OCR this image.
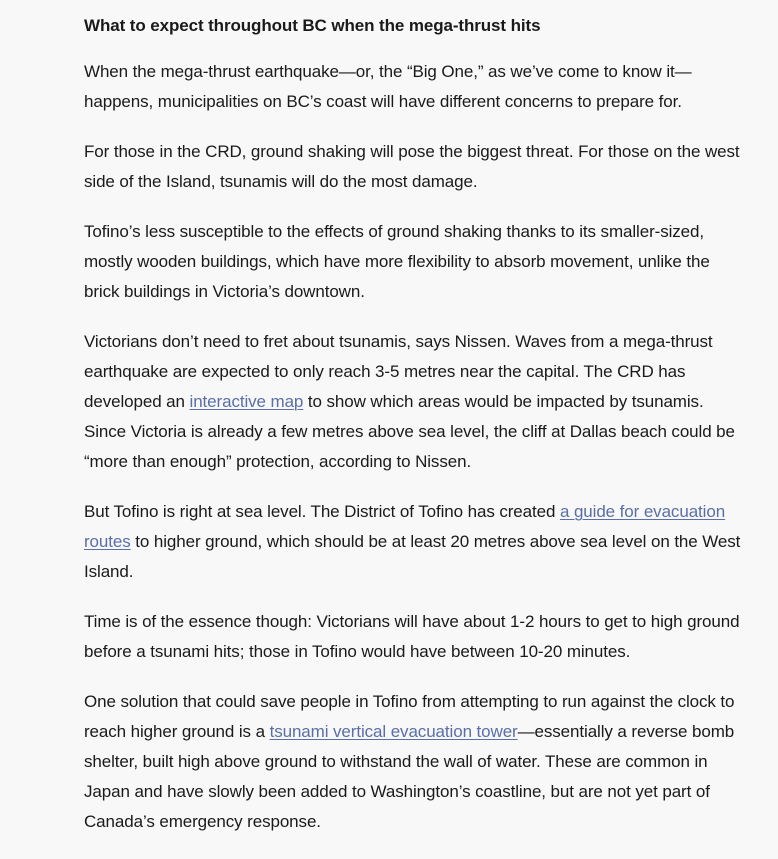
What to expect throughout BC when the mega-thrust hits

When the mega-thrust earthquake—or, the “Big One,” as we’ve come to know it—happens, municipalities on BC’s coast will have different concerns to prepare for.

For those in the CRD, ground shaking will pose the biggest threat. For those on the west side of the Island, tsunamis will do the most damage.

Tofino’s less susceptible to the effects of ground shaking thanks to its smaller-sized, mostly wooden buildings, which have more flexibility to absorb movement, unlike the brick buildings in Victoria’s downtown.

Victorians don’t need to fret about tsunamis, says Nissen. Waves from a mega-thrust earthquake are expected to only reach 3-5 metres near the capital. The CRD has developed an interactive map to show which areas would be impacted by tsunamis. Since Victoria is already a few metres above sea level, the cliff at Dallas beach could be “more than enough” protection, according to Nissen.

But Tofino is right at sea level. The District of Tofino has created a guide for evacuation routes to higher ground, which should be at least 20 metres above sea level on the West Island.

Time is of the essence though: Victorians will have about 1-2 hours to get to high ground before a tsunami hits; those in Tofino would have between 10-20 minutes.

One solution that could save people in Tofino from attempting to run against the clock to reach higher ground is a tsunami vertical evacuation tower—essentially a reverse bomb shelter, built high above ground to withstand the wall of water. These are common in Japan and have slowly been added to Washington’s coastline, but are not yet part of Canada’s emergency response.
